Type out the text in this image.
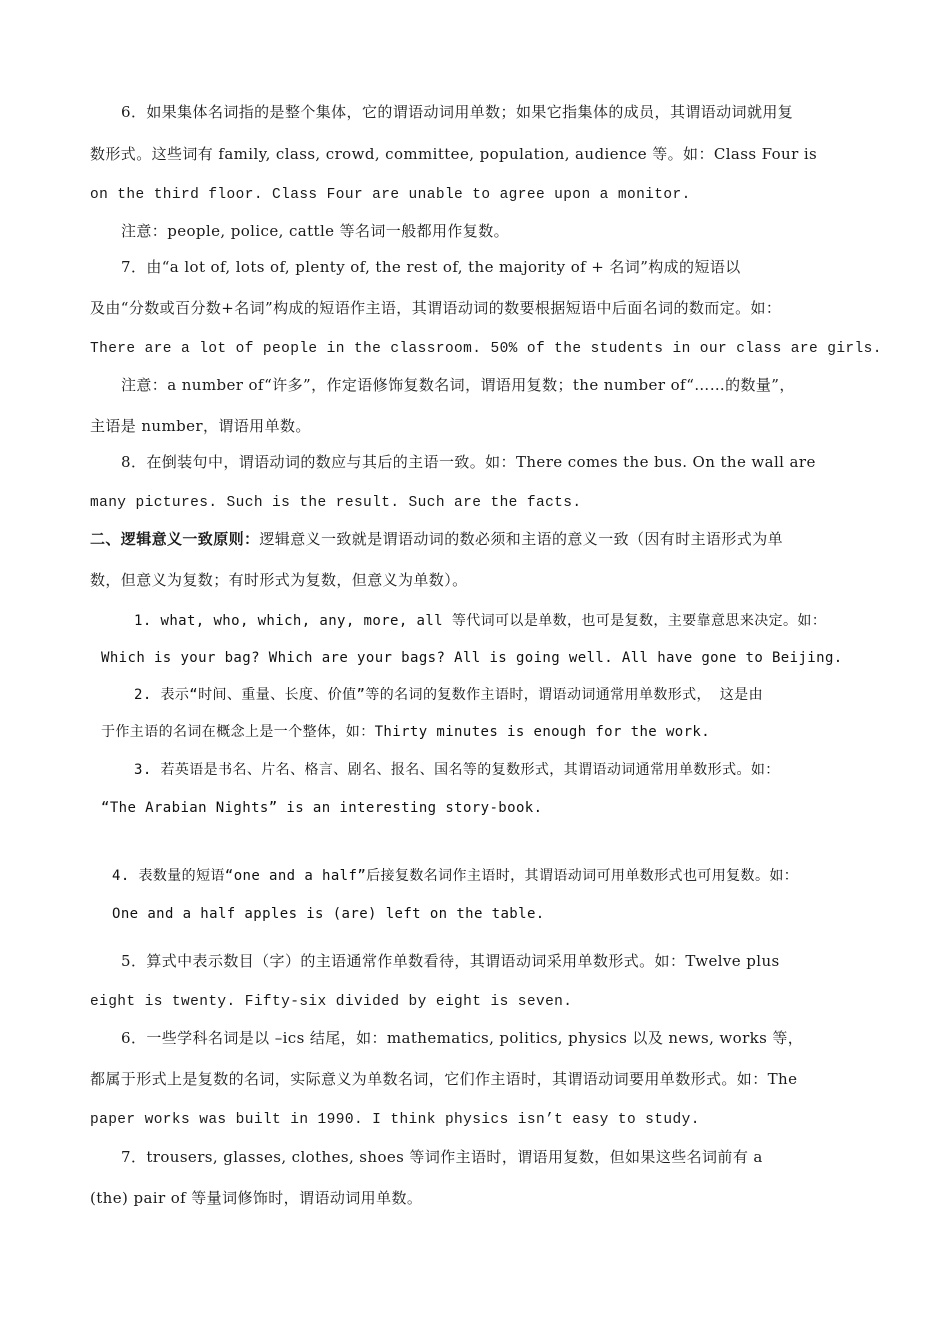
6．如果集体名词指的是整个集体，它的谓语动词用单数；如果它指集体的成员，其谓语动词就用复
数形式。这些词有 family, class, crowd, committee, population, audience 等。如：Class Four is
on the third floor. Class Four are unable to agree upon a monitor.
注意：people, police, cattle 等名词一般都用作复数。
7．由“a lot of, lots of, plenty of, the rest of, the majority of + 名词”构成的短语以
及由“分数或百分数+名词”构成的短语作主语，其谓语动词的数要根据短语中后面名词的数而定。如：
There are a lot of people in the classroom. 50% of the students in our class are girls.
注意：a number of“许多”，作定语修饰复数名词，谓语用复数；the number of“……的数量”，
主语是 number，谓语用单数。
8．在倒装句中，谓语动词的数应与其后的主语一致。如：There comes the bus. On the wall are
many pictures. Such is the result. Such are the facts.
二、逻辑意义一致原则：逻辑意义一致就是谓语动词的数必须和主语的意义一致（因有时主语形式为单
数，但意义为复数；有时形式为复数，但意义为单数）。
1. what, who, which, any, more, all 等代词可以是单数，也可是复数，主要靠意思来决定。如：
Which is your bag? Which are your bags? All is going well. All have gone to Beijing.
2. 表示“时间、重量、长度、价值”等的名词的复数作主语时，谓语动词通常用单数形式， 这是由
于作主语的名词在概念上是一个整体，如：Thirty minutes is enough for the work.
3. 若英语是书名、片名、格言、剧名、报名、国名等的复数形式，其谓语动词通常用单数形式。如：
“The Arabian Nights” is an interesting story-book.
4. 表数量的短语“one and a half”后接复数名词作主语时，其谓语动词可用单数形式也可用复数。如：
One and a half apples is (are) left on the table.
5．算式中表示数目（字）的主语通常作单数看待，其谓语动词采用单数形式。如：Twelve plus
eight is twenty. Fifty-six divided by eight is seven.
6．一些学科名词是以 –ics 结尾，如：mathematics, politics, physics 以及 news, works 等，
都属于形式上是复数的名词，实际意义为单数名词，它们作主语时，其谓语动词要用单数形式。如：The
paper works was built in 1990. I think physics isn’t easy to study.
7．trousers, glasses, clothes, shoes 等词作主语时，谓语用复数，但如果这些名词前有 a
(the) pair of 等量词修饰时，谓语动词用单数。
